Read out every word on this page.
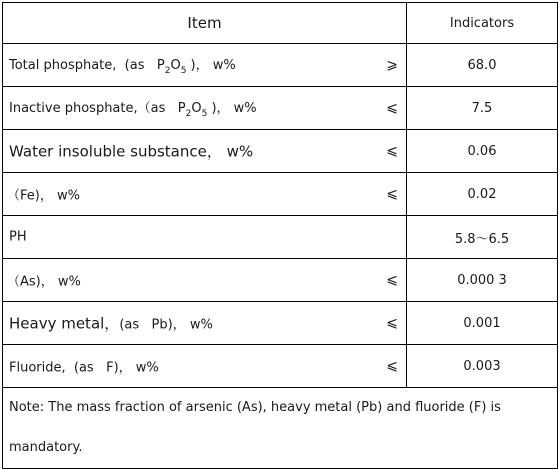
Item	Indicators

Total phosphate,  (as   $P_2O_5$ )， w% ⩾	68.0

Inactive phosphate,（as   $P_2O_5$ )， w% ⩽	7.5

Water insoluble substance， w% ⩽	0.06

（Fe)， w% ⩽	0.02

PH	5.8～6.5

（As)， w% ⩽	0.000 3

Heavy metal，(as   Pb)， w% ⩽	0.001

Fluoride,  (as   F)， w% ⩽	0.003
Note: The mass fraction of arsenic (As), heavy metal (Pb) and fluoride (F) is mandatory.	
